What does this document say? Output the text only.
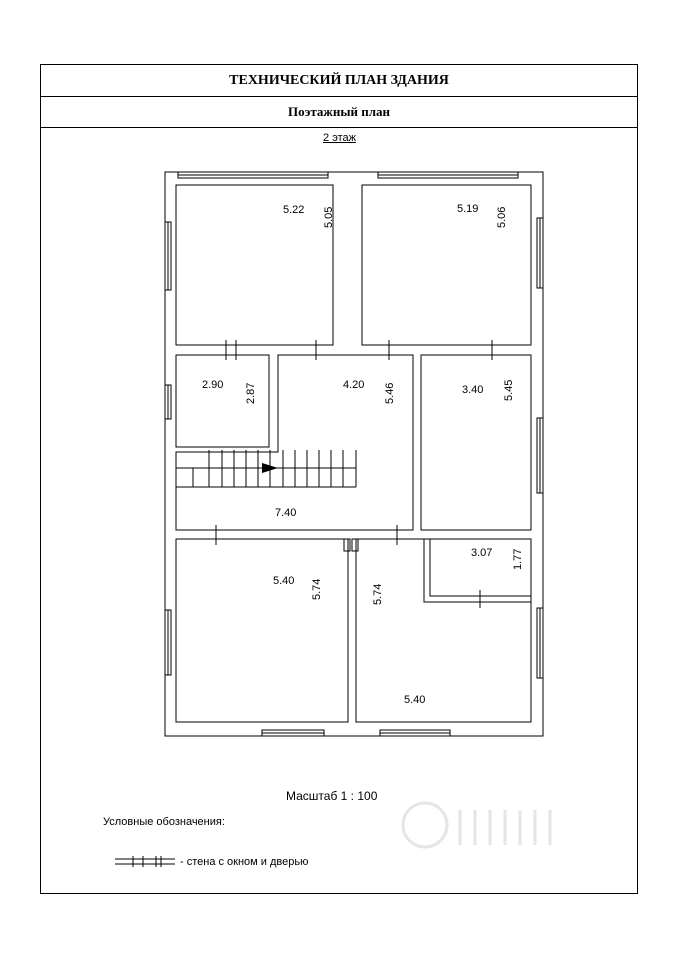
ТЕХНИЧЕСКИЙ ПЛАН ЗДАНИЯ
Поэтажный план
2 этаж
5.22 5.05	5.19 5.06
2.90 2.87	4.20 5.46	3.40 5.45
7.40
3.07 1.77
5.40 5.74	5.74
5.40
Масштаб 1 : 100
Условные обозначения:
- стена с окном и дверью
